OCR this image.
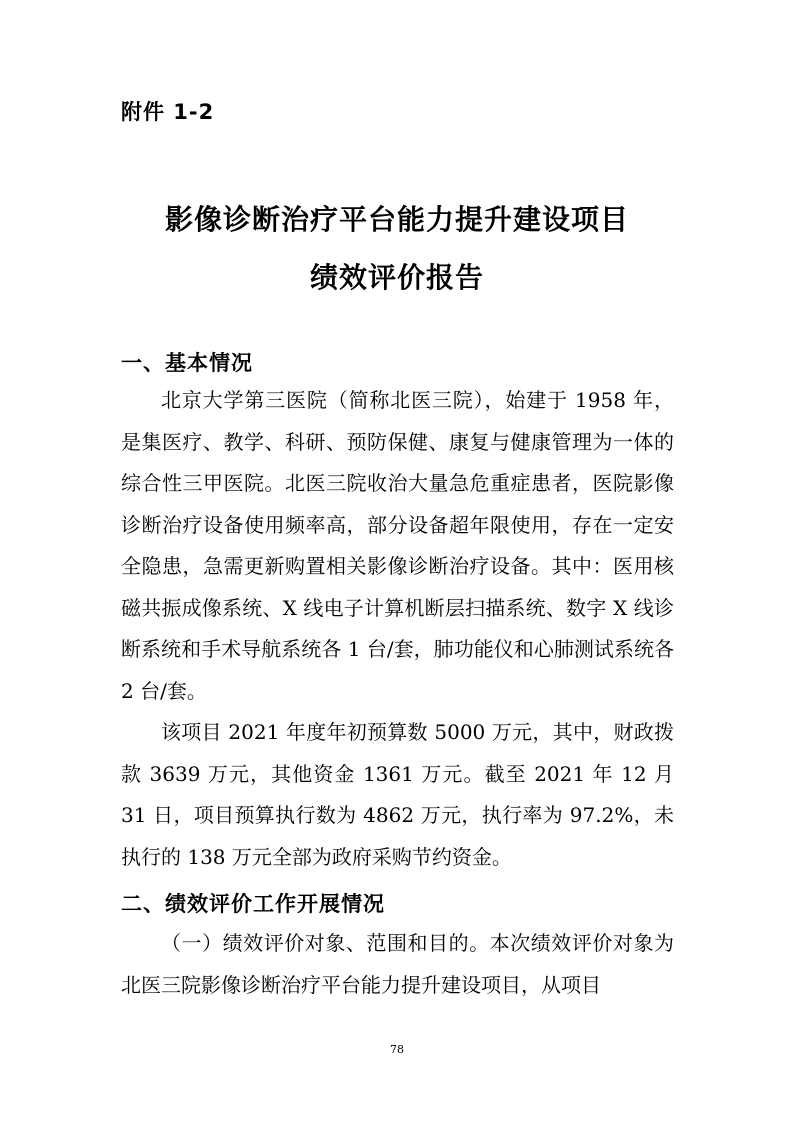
附件 1-2
影像诊断治疗平台能力提升建设项目
绩效评价报告
一、基本情况

北京大学第三医院（简称北医三院），始建于 1958 年，是集医疗、教学、科研、预防保健、康复与健康管理为一体的综合性三甲医院。北医三院收治大量急危重症患者，医院影像诊断治疗设备使用频率高，部分设备超年限使用，存在一定安全隐患，急需更新购置相关影像诊断治疗设备。其中：医用核磁共振成像系统、X 线电子计算机断层扫描系统、数字 X 线诊断系统和手术导航系统各 1 台/套，肺功能仪和心肺测试系统各 2 台/套。

该项目 2021 年度年初预算数 5000 万元，其中，财政拨款 3639 万元，其他资金 1361 万元。截至 2021 年 12 月 31 日，项目预算执行数为 4862 万元，执行率为 97.2%，未执行的 138 万元全部为政府采购节约资金。

二、绩效评价工作开展情况

（一）绩效评价对象、范围和目的。本次绩效评价对象为北医三院影像诊断治疗平台能力提升建设项目，从项目

78
